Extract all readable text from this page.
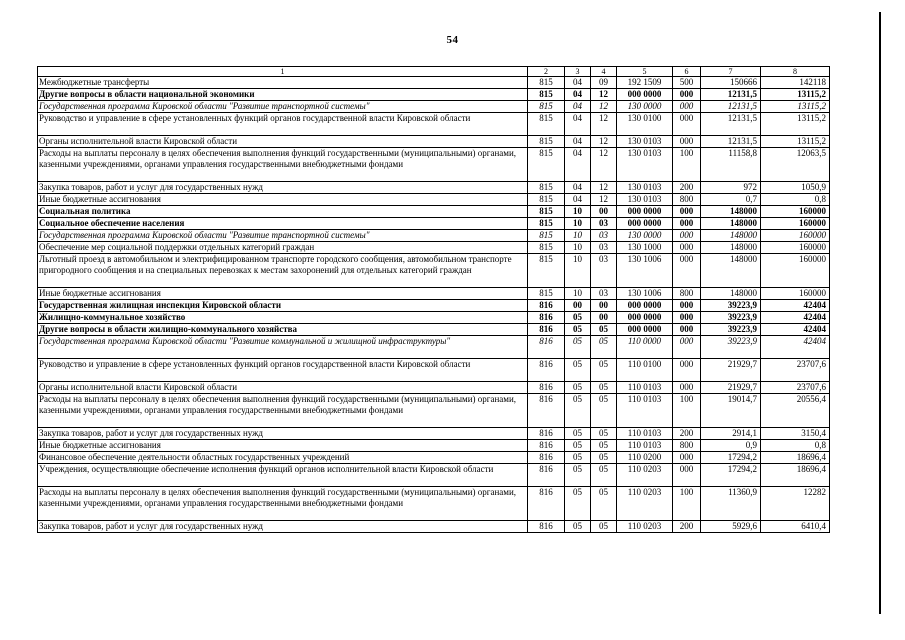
54
1	2	3	4	5	6	7	8
Межбюджетные трансферты	815	04	09	192 1509	500	150666	142118
Другие вопросы в области национальной экономики	815	04	12	000 0000	000	12131,5	13115,2
Государственная программа Кировской области "Развитие транспортной системы"	815	04	12	130 0000	000	12131,5	13115,2
Руководство и управление в сфере установленных функций органов государственной власти Кировской области	815	04	12	130 0100	000	12131,5	13115,2
Органы исполнительной власти Кировской области	815	04	12	130 0103	000	12131,5	13115,2
Расходы на выплаты персоналу в целях обеспечения выполнения функций государственными (муниципальными) органами, казенными учреждениями, органами управления государственными внебюджетными фондами	815	04	12	130 0103	100	11158,8	12063,5
Закупка товаров, работ и услуг для государственных нужд	815	04	12	130 0103	200	972	1050,9
Иные бюджетные ассигнования	815	04	12	130 0103	800	0,7	0,8
Социальная политика	815	10	00	000 0000	000	148000	160000
Социальное обеспечение населения	815	10	03	000 0000	000	148000	160000
Государственная программа Кировской области "Развитие транспортной системы"	815	10	03	130 0000	000	148000	160000
Обеспечение мер социальной поддержки отдельных категорий граждан	815	10	03	130 1000	000	148000	160000
Льготный проезд в автомобильном и электрифицированном транспорте городского сообщения, автомобильном транспорте пригородного сообщения и на специальных перевозках к местам захоронений для отдельных категорий граждан	815	10	03	130 1006	000	148000	160000
Иные бюджетные ассигнования	815	10	03	130 1006	800	148000	160000
Государственная жилищная инспекция Кировской области	816	00	00	000 0000	000	39223,9	42404
Жилищно-коммунальное хозяйство	816	05	00	000 0000	000	39223,9	42404
Другие вопросы в области жилищно-коммунального хозяйства	816	05	05	000 0000	000	39223,9	42404
Государственная программа Кировской области "Развитие коммунальной и жилищной инфраструктуры"	816	05	05	110 0000	000	39223,9	42404
Руководство и управление в сфере установленных функций органов государственной власти Кировской области	816	05	05	110 0100	000	21929,7	23707,6
Органы исполнительной власти Кировской области	816	05	05	110 0103	000	21929,7	23707,6
Расходы на выплаты персоналу в целях обеспечения выполнения функций государственными (муниципальными) органами, казенными учреждениями, органами управления государственными внебюджетными фондами	816	05	05	110 0103	100	19014,7	20556,4
Закупка товаров, работ и услуг для государственных нужд	816	05	05	110 0103	200	2914,1	3150,4
Иные бюджетные ассигнования	816	05	05	110 0103	800	0,9	0,8
Финансовое обеспечение деятельности областных государственных учреждений	816	05	05	110 0200	000	17294,2	18696,4
Учреждения, осуществляющие обеспечение исполнения функций органов исполнительной власти Кировской области	816	05	05	110 0203	000	17294,2	18696,4
Расходы на выплаты персоналу в целях обеспечения выполнения функций государственными (муниципальными) органами, казенными учреждениями, органами управления государственными внебюджетными фондами	816	05	05	110 0203	100	11360,9	12282
Закупка товаров, работ и услуг для государственных нужд	816	05	05	110 0203	200	5929,6	6410,4
